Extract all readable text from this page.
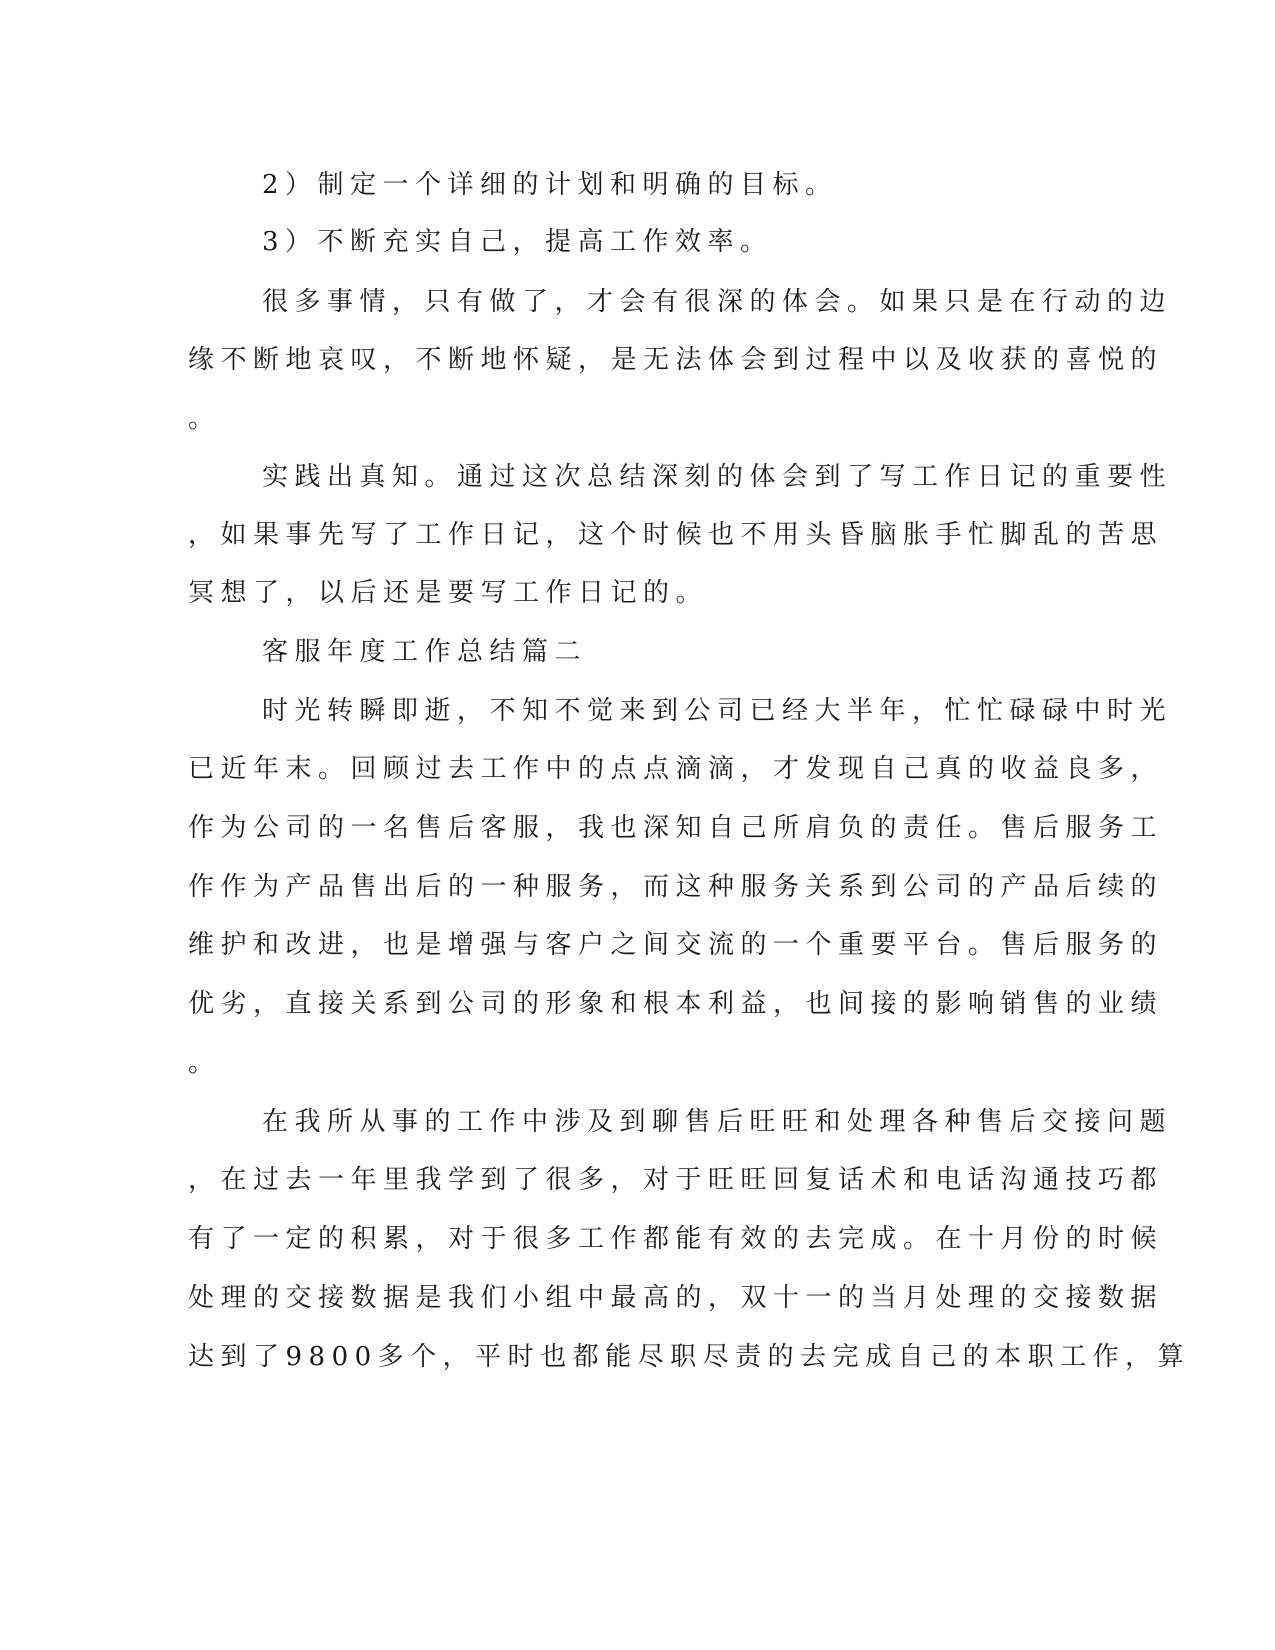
2）制定一个详细的计划和明确的目标。
3）不断充实自己，提高工作效率。
很多事情，只有做了，才会有很深的体会。如果只是在行动的边
缘不断地哀叹，不断地怀疑，是无法体会到过程中以及收获的喜悦的
。
实践出真知。通过这次总结深刻的体会到了写工作日记的重要性
，如果事先写了工作日记，这个时候也不用头昏脑胀手忙脚乱的苦思
冥想了，以后还是要写工作日记的。
客服年度工作总结篇二
时光转瞬即逝，不知不觉来到公司已经大半年，忙忙碌碌中时光
已近年末。回顾过去工作中的点点滴滴，才发现自己真的收益良多，
作为公司的一名售后客服，我也深知自己所肩负的责任。售后服务工
作作为产品售出后的一种服务，而这种服务关系到公司的产品后续的
维护和改进，也是增强与客户之间交流的一个重要平台。售后服务的
优劣，直接关系到公司的形象和根本利益，也间接的影响销售的业绩
。
在我所从事的工作中涉及到聊售后旺旺和处理各种售后交接问题
，在过去一年里我学到了很多，对于旺旺回复话术和电话沟通技巧都
有了一定的积累，对于很多工作都能有效的去完成。在十月份的时候
处理的交接数据是我们小组中最高的，双十一的当月处理的交接数据
达到了9800多个，平时也都能尽职尽责的去完成自己的本职工作，算
